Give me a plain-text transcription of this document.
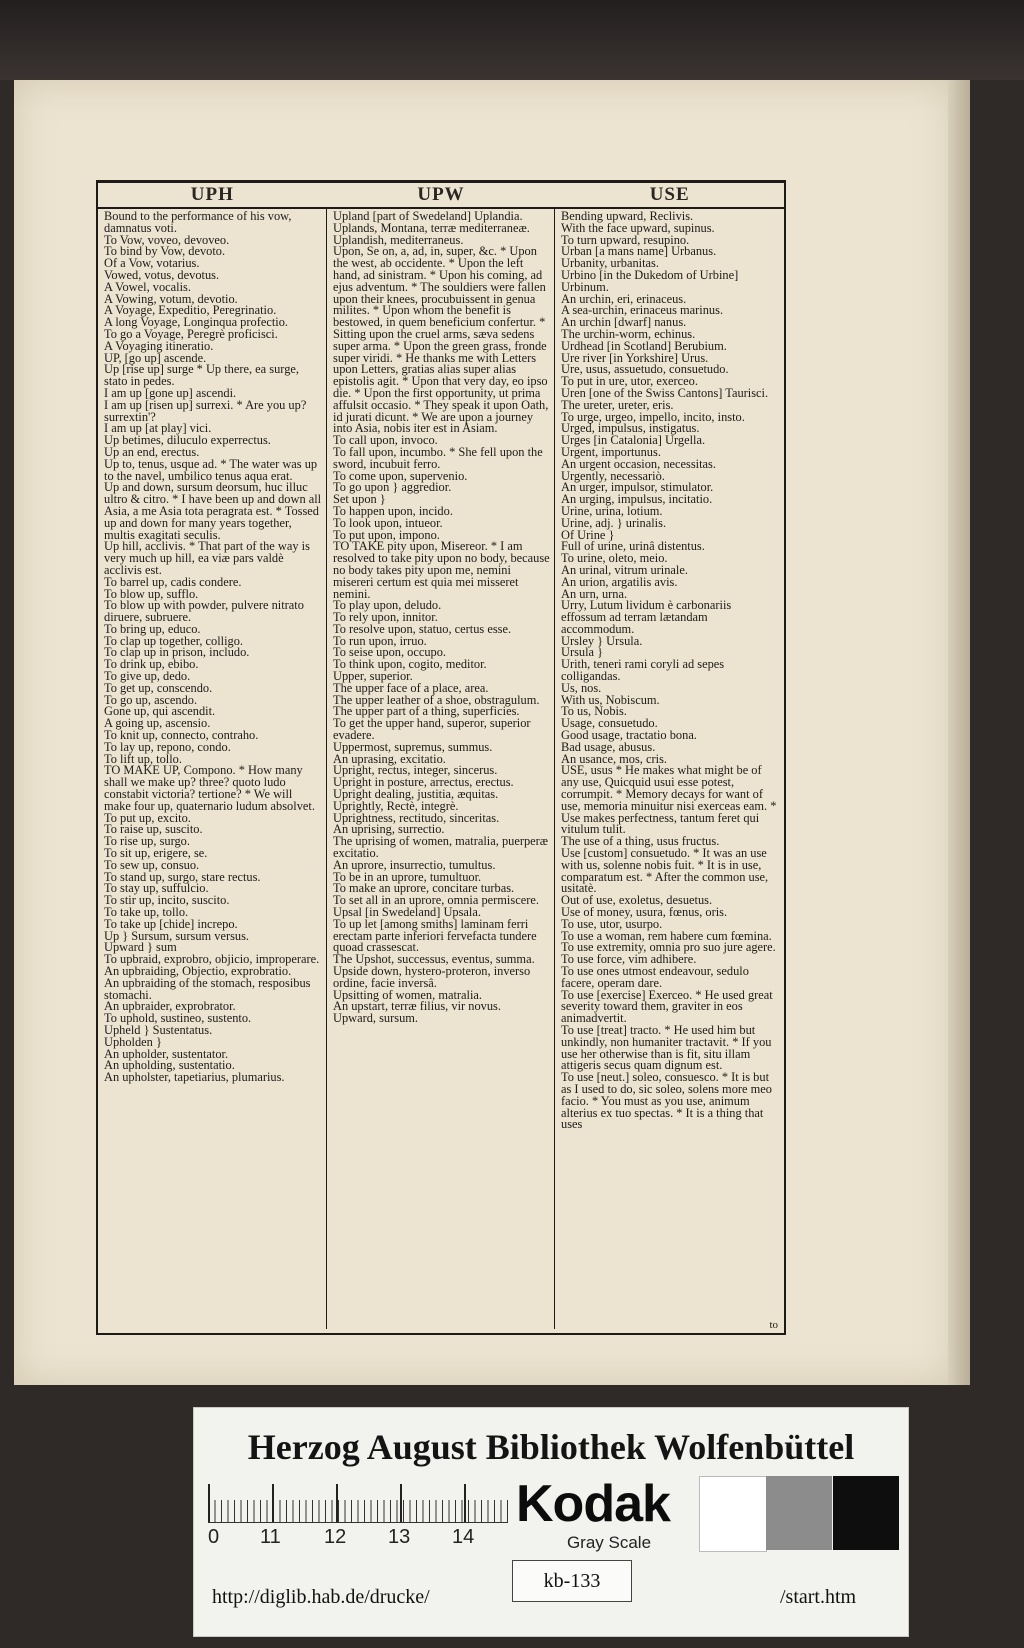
UPH	UPW	USE
Bound to the performance of his vow, damnatus voti.
To Vow, voveo, devoveo.
To bind by Vow, devoto.
Of a Vow, votarius.
Vowed, votus, devotus.
A Vowel, vocalis.
A Vowing, votum, devotio.
A Voyage, Expeditio, Peregrinatio.
A long Voyage, Longinqua profectio.
To go a Voyage, Peregrè proficisci.
A Voyaging itineratio.
UP, [go up] ascende.
Up [rise up] surge * Up there, ea surge, stato in pedes.
I am up [gone up] ascendi.
I am up [risen up] surrexi. * Are you up? surrextin'?
I am up [at play] vici.
Up betimes, diluculo experrectus.
Up an end, erectus.
Up to, tenus, usque ad. * The water was up to the navel, umbilico tenus aqua erat.
Up and down, sursum deorsum, huc illuc ultro & citro. * I have been up and down all Asia, a me Asia tota peragrata est. * Tossed up and down for many years together, multis exagitati seculis.
Up hill, acclivis. * That part of the way is very much up hill, ea viæ pars valdè acclivis est.
To barrel up, cadis condere.
To blow up, sufflo.
To blow up with powder, pulvere nitrato diruere, subruere.
To bring up, educo.
To clap up together, colligo.
To clap up in prison, includo.
To drink up, ebibo.
To give up, dedo.
To get up, conscendo.
To go up, ascendo.
Gone up, qui ascendit.
A going up, ascensio.
To knit up, connecto, contraho.
To lay up, repono, condo.
To lift up, tollo.
TO MAKE UP, Compono. * How many shall we make up? three? quoto ludo constabit victoria? tertione? * We will make four up, quaternario ludum absolvet.
To put up, excito.
To raise up, suscito.
To rise up, surgo.
To sit up, erigere, se.
To sew up, consuo.
To stand up, surgo, stare rectus.
To stay up, suffulcio.
To stir up, incito, suscito.
To take up, tollo.
To take up [chide] increpo.
Up } Sursum, sursum versus.
Upward } sum
To upbraid, exprobro, objicio, improperare.
An upbraiding, Objectio, exprobratio.
An upbraiding of the stomach, resposibus stomachi.
An upbraider, exprobrator.
To uphold, sustineo, sustento.
Upheld } Sustentatus.
Upholden }
An upholder, sustentator.
An upholding, sustentatio.
An upholster, tapetiarius, plumarius.
Upland [part of Swedeland] Uplandia.
Uplands, Montana, terræ mediterraneæ.
Uplandish, mediterraneus.
Upon, Se on, a, ad, in, super, &c. * Upon the west, ab occidente. * Upon the left hand, ad sinistram. * Upon his coming, ad ejus adventum. * The souldiers were fallen upon their knees, procubuissent in genua milites. * Upon whom the benefit is bestowed, in quem beneficium confertur. * Sitting upon the cruel arms, sæva sedens super arma. * Upon the green grass, fronde super viridi. * He thanks me with Letters upon Letters, gratias alias super alias epistolis agit. * Upon that very day, eo ipso die. * Upon the first opportunity, ut prima affulsit occasio. * They speak it upon Oath, id jurati dicunt. * We are upon a journey into Asia, nobis iter est in Asiam.
To call upon, invoco.
To fall upon, incumbo. * She fell upon the sword, incubuit ferro.
To come upon, supervenio.
To go upon } aggredior.
Set upon }
To happen upon, incido.
To look upon, intueor.
To put upon, impono.
TO TAKE pity upon, Misereor. * I am resolved to take pity upon no body, because no body takes pity upon me, nemini misereri certum est quia mei misseret nemini.
To play upon, deludo.
To rely upon, innitor.
To resolve upon, statuo, certus esse.
To run upon, irruo.
To seise upon, occupo.
To think upon, cogito, meditor.
Upper, superior.
The upper face of a place, area.
The upper leather of a shoe, obstragulum.
The upper part of a thing, superficies.
To get the upper hand, superor, superior evadere.
Uppermost, supremus, summus.
An uprasing, excitatio.
Upright, rectus, integer, sincerus.
Upright in posture, arrectus, erectus.
Upright dealing, justitia, æquitas.
Uprightly, Rectè, integrè.
Uprightness, rectitudo, sinceritas.
An uprising, surrectio.
The uprising of women, matralia, puerperæ excitatio.
An uprore, insurrectio, tumultus.
To be in an uprore, tumultuor.
To make an uprore, concitare turbas.
To set all in an uprore, omnia permiscere.
Upsal [in Swedeland] Upsala.
To up let [among smiths] laminam ferri erectam parte inferiori fervefacta tundere quoad crassescat.
The Upshot, successus, eventus, summa.
Upside down, hystero-proteron, inverso ordine, facie inversâ.
Upsitting of women, matralia.
An upstart, terræ filius, vir novus.
Upward, sursum.
Bending upward, Reclivis.
With the face upward, supinus.
To turn upward, resupino.
Urban [a mans name] Urbanus.
Urbanity, urbanitas.
Urbino [in the Dukedom of Urbine] Urbinum.
An urchin, eri, erinaceus.
A sea-urchin, erinaceus marinus.
An urchin [dwarf] nanus.
The urchin-worm, echinus.
Urdhead [in Scotland] Berubium.
Ure river [in Yorkshire] Urus.
Ure, usus, assuetudo, consuetudo.
To put in ure, utor, exerceo.
Uren [one of the Swiss Cantons] Taurisci.
The ureter, ureter, eris.
To urge, urgeo, impello, incito, insto.
Urged, impulsus, instigatus.
Urges [in Catalonia] Urgella.
Urgent, importunus.
An urgent occasion, necessitas.
Urgently, necessariò.
An urger, impulsor, stimulator.
An urging, impulsus, incitatio.
Urine, urina, lotium.
Urine, adj. } urinalis.
Of Urine }
Full of urine, urinâ distentus.
To urine, oleto, meio.
An urinal, vitrum urinale.
An urion, argatilis avis.
An urn, urna.
Urry, Lutum lividum è carbonariis effossum ad terram lætandam accommodum.
Ursley } Ursula.
Ursula }
Urith, teneri rami coryli ad sepes colligandas.
Us, nos.
With us, Nobiscum.
To us, Nobis.
Usage, consuetudo.
Good usage, tractatio bona.
Bad usage, abusus.
An usance, mos, cris.
USE, usus * He makes what might be of any use, Quicquid usui esse potest, corrumpit. * Memory decays for want of use, memoria minuitur nisi exerceas eam. * Use makes perfectness, tantum feret qui vitulum tulit.
The use of a thing, usus fructus.
Use [custom] consuetudo. * It was an use with us, solenne nobis fuit. * It is in use, comparatum est. * After the common use, usitatè.
Out of use, exoletus, desuetus.
Use of money, usura, fœnus, oris.
To use, utor, usurpo.
To use a woman, rem habere cum fœmina.
To use extremity, omnia pro suo jure agere.
To use force, vim adhibere.
To use ones utmost endeavour, sedulo facere, operam dare.
To use [exercise] Exerceo. * He used great severity toward them, graviter in eos animadvertit.
To use [treat] tracto. * He used him but unkindly, non humaniter tractavit. * If you use her otherwise than is fit, situ illam attigeris secus quam dignum est.
To use [neut.] soleo, consuesco. * It is but as I used to do, sic soleo, solens more meo facio. * You must as you use, animum alterius ex tuo spectas. * It is a thing that uses
to
Herzog August Bibliothek Wolfenbüttel
0 11 12 13 14
Kodak
Gray Scale
http://diglib.hab.de/drucke/
kb-133
/start.htm
